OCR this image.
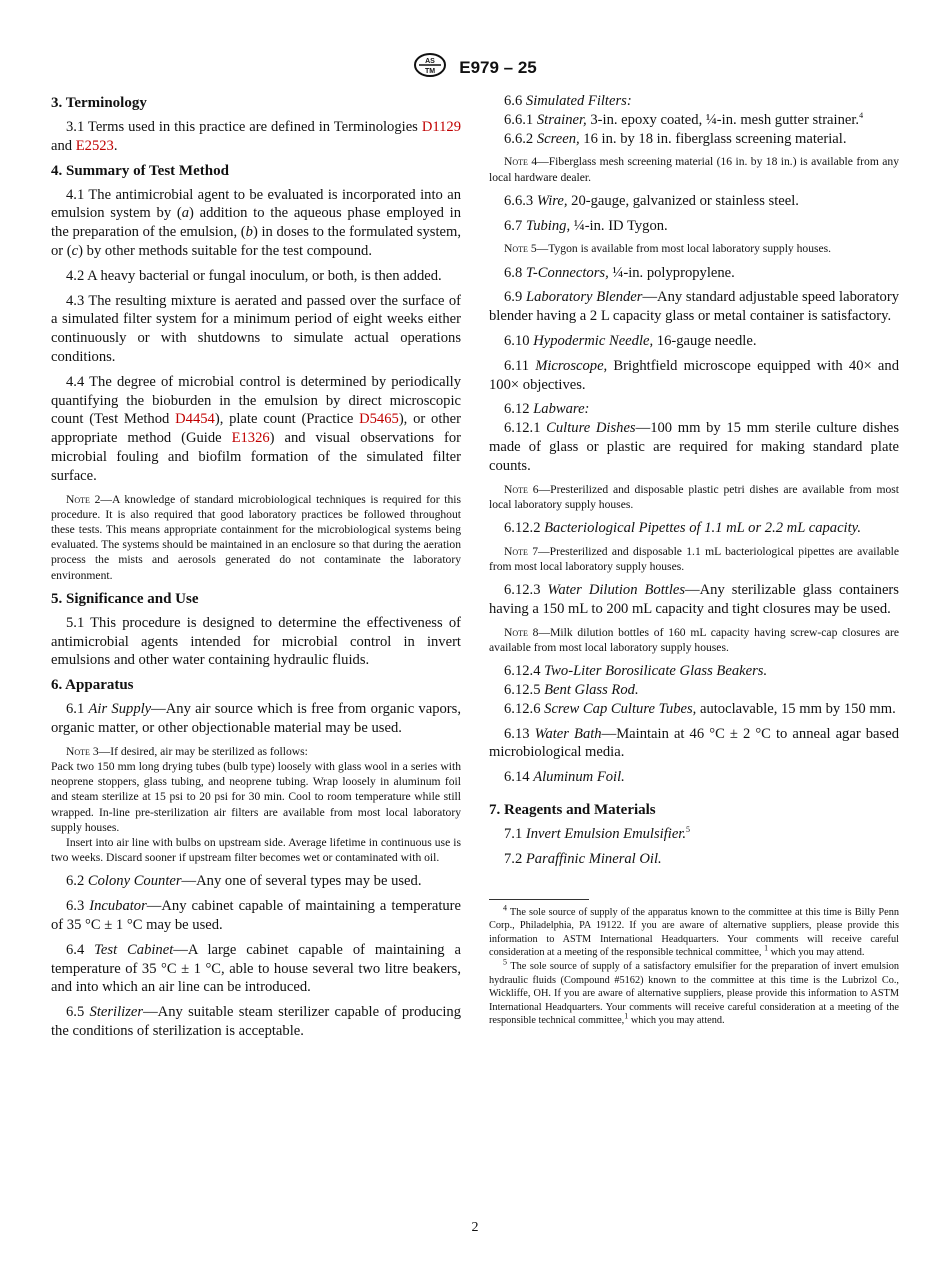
AS
TM E979 – 25

3. Terminology

3.1 Terms used in this practice are defined in Terminologies D1129 and E2523.

4. Summary of Test Method

4.1 The antimicrobial agent to be evaluated is incorporated into an emulsion system by (a) addition to the aqueous phase employed in the preparation of the emulsion, (b) in doses to the formulated system, or (c) by other methods suitable for the test compound.

4.2 A heavy bacterial or fungal inoculum, or both, is then added.

4.3 The resulting mixture is aerated and passed over the surface of a simulated filter system for a minimum period of eight weeks either continuously or with shutdowns to simulate actual operations conditions.

4.4 The degree of microbial control is determined by periodically quantifying the bioburden in the emulsion by direct microscopic count (Test Method D4454), plate count (Practice D5465), or other appropriate method (Guide E1326) and visual observations for microbial fouling and biofilm formation of the simulated filter surface.

Note 2—A knowledge of standard microbiological techniques is required for this procedure. It is also required that good laboratory practices be followed throughout these tests. This means appropriate containment for the microbiological systems being evaluated. The systems should be maintained in an enclosure so that during the aeration process the mists and aerosols generated do not contaminate the laboratory environment.

5. Significance and Use

5.1 This procedure is designed to determine the effectiveness of antimicrobial agents intended for microbial control in invert emulsions and other water containing hydraulic fluids.

6. Apparatus

6.1 Air Supply—Any air source which is free from organic vapors, organic matter, or other objectionable material may be used.

Note 3—If desired, air may be sterilized as follows:

Pack two 150 mm long drying tubes (bulb type) loosely with glass wool in a series with neoprene stoppers, glass tubing, and neoprene tubing. Wrap loosely in aluminum foil and steam sterilize at 15 psi to 20 psi for 30 min. Cool to room temperature while still wrapped. In-line pre-sterilization air filters are available from most local laboratory supply houses.

Insert into air line with bulbs on upstream side. Average lifetime in continuous use is two weeks. Discard sooner if upstream filter becomes wet or contaminated with oil.

6.2 Colony Counter—Any one of several types may be used.

6.3 Incubator—Any cabinet capable of maintaining a temperature of 35 °C ± 1 °C may be used.

6.4 Test Cabinet—A large cabinet capable of maintaining a temperature of 35 °C ± 1 °C, able to house several two litre beakers, and into which an air line can be introduced.

6.5 Sterilizer—Any suitable steam sterilizer capable of producing the conditions of sterilization is acceptable.

6.6 Simulated Filters:

6.6.1 Strainer, 3-in. epoxy coated, ¼-in. mesh gutter strainer.$^4$

6.6.2 Screen, 16 in. by 18 in. fiberglass screening material.

Note 4—Fiberglass mesh screening material (16 in. by 18 in.) is available from any local hardware dealer.

6.6.3 Wire, 20-gauge, galvanized or stainless steel.

6.7 Tubing, ¼-in. ID Tygon.

Note 5—Tygon is available from most local laboratory supply houses.

6.8 T-Connectors, ¼-in. polypropylene.

6.9 Laboratory Blender—Any standard adjustable speed laboratory blender having a 2 L capacity glass or metal container is satisfactory.

6.10 Hypodermic Needle, 16-gauge needle.

6.11 Microscope, Brightfield microscope equipped with 40× and 100× objectives.

6.12 Labware:

6.12.1 Culture Dishes—100 mm by 15 mm sterile culture dishes made of glass or plastic are required for making standard plate counts.

Note 6—Presterilized and disposable plastic petri dishes are available from most local laboratory supply houses.

6.12.2 Bacteriological Pipettes of 1.1 mL or 2.2 mL capacity.

Note 7—Presterilized and disposable 1.1 mL bacteriological pipettes are available from most local laboratory supply houses.

6.12.3 Water Dilution Bottles—Any sterilizable glass containers having a 150 mL to 200 mL capacity and tight closures may be used.

Note 8—Milk dilution bottles of 160 mL capacity having screw-cap closures are available from most local laboratory supply houses.

6.12.4 Two-Liter Borosilicate Glass Beakers.

6.12.5 Bent Glass Rod.

6.12.6 Screw Cap Culture Tubes, autoclavable, 15 mm by 150 mm.

6.13 Water Bath—Maintain at 46 °C ± 2 °C to anneal agar based microbiological media.

6.14 Aluminum Foil.

7. Reagents and Materials

7.1 Invert Emulsion Emulsifier.$^5$

7.2 Paraffinic Mineral Oil.

$^4$ The sole source of supply of the apparatus known to the committee at this time is Billy Penn Corp., Philadelphia, PA 19122. If you are aware of alternative suppliers, please provide this information to ASTM International Headquarters. Your comments will receive careful consideration at a meeting of the responsible technical committee, $^1$ which you may attend.

$^5$ The sole source of supply of a satisfactory emulsifier for the preparation of invert emulsion hydraulic fluids (Compound #5162) known to the committee at this time is the Lubrizol Co., Wickliffe, OH. If you are aware of alternative suppliers, please provide this information to ASTM International Headquarters. Your comments will receive careful consideration at a meeting of the responsible technical committee,$^1$ which you may attend.

2
